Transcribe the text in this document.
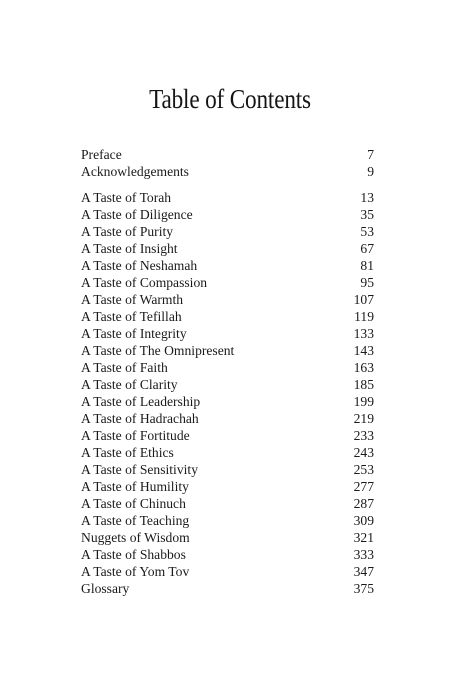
Table of Contents
Preface	7
Acknowledgements	9
A Taste of Torah	13
A Taste of Diligence	35
A Taste of Purity	53
A Taste of Insight	67
A Taste of Neshamah	81
A Taste of Compassion	95
A Taste of Warmth	107
A Taste of Tefillah	119
A Taste of Integrity	133
A Taste of The Omnipresent	143
A Taste of Faith	163
A Taste of Clarity	185
A Taste of Leadership	199
A Taste of Hadrachah	219
A Taste of Fortitude	233
A Taste of Ethics	243
A Taste of Sensitivity	253
A Taste of Humility	277
A Taste of Chinuch	287
A Taste of Teaching	309
Nuggets of Wisdom	321
A Taste of Shabbos	333
A Taste of Yom Tov	347
Glossary	375
